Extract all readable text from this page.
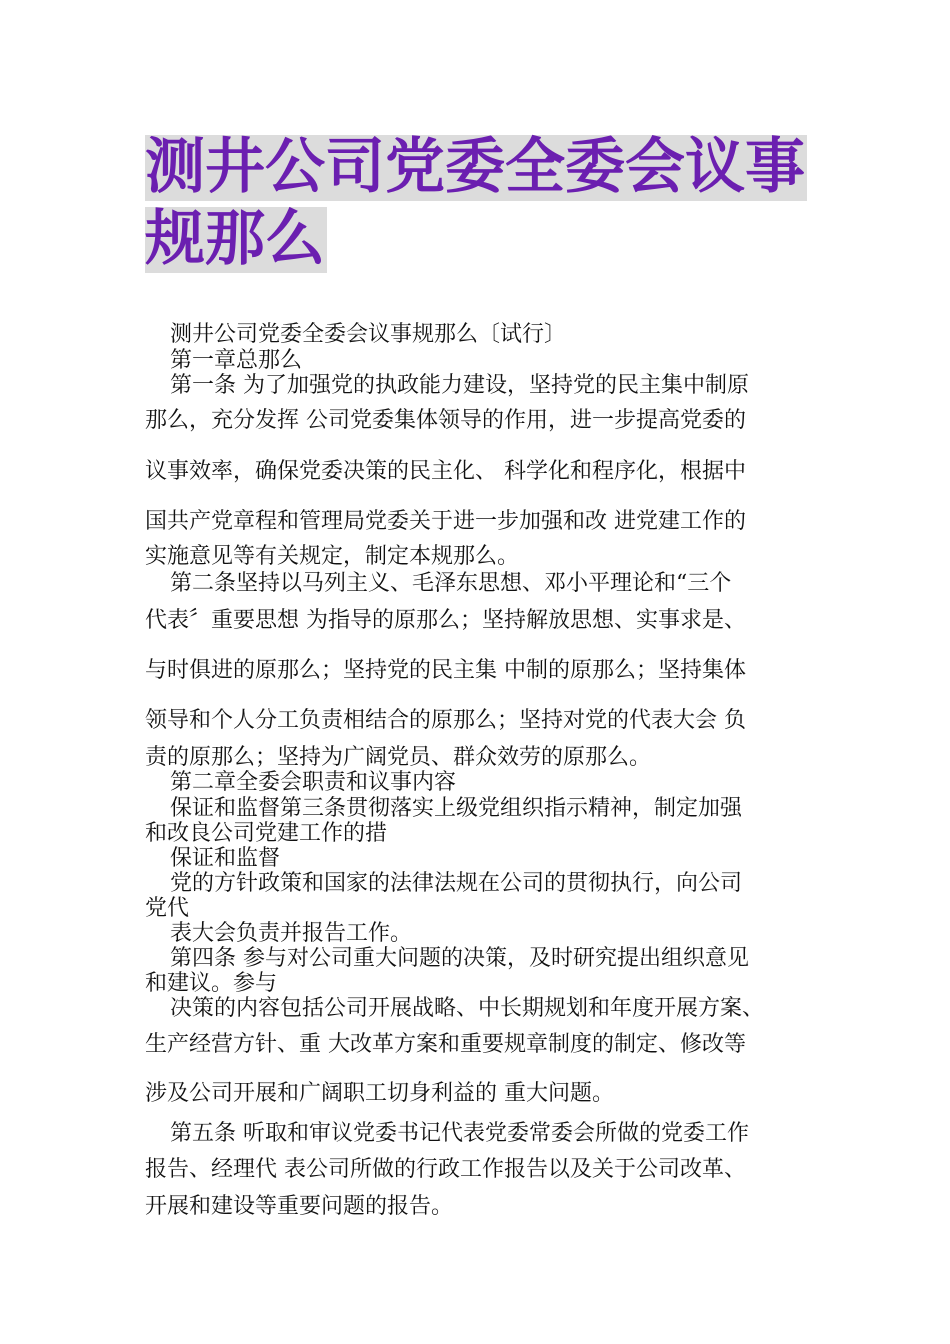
测井公司党委全委会议事
规那么
测井公司党委全委会议事规那么〔试行〕
第一章总那么
第一条 为了加强党的执政能力建设，坚持党的民主集中制原
那么，充分发挥 公司党委集体领导的作用，进一步提高党委的
议事效率，确保党委决策的民主化、 科学化和程序化，根据中
国共产党章程和管理局党委关于进一步加强和改 进党建工作的
实施意见等有关规定，制定本规那么。
第二条坚持以马列主义、毛泽东思想、邓小平理论和“三个
代表〞重要思想 为指导的原那么；坚持解放思想、实事求是、
与时俱进的原那么；坚持党的民主集 中制的原那么；坚持集体
领导和个人分工负责相结合的原那么；坚持对党的代表大会 负
责的原那么；坚持为广阔党员、群众效劳的原那么。
第二章全委会职责和议事内容
保证和监督第三条贯彻落实上级党组织指示精神，制定加强
和改良公司党建工作的措
保证和监督
党的方针政策和国家的法律法规在公司的贯彻执行，向公司
党代
表大会负责并报告工作。
第四条 参与对公司重大问题的决策，及时研究提出组织意见
和建议。参与
决策的内容包括公司开展战略、中长期规划和年度开展方案、
生产经营方针、重 大改革方案和重要规章制度的制定、修改等
涉及公司开展和广阔职工切身利益的 重大问题。
第五条 听取和审议党委书记代表党委常委会所做的党委工作
报告、经理代 表公司所做的行政工作报告以及关于公司改革、
开展和建设等重要问题的报告。
